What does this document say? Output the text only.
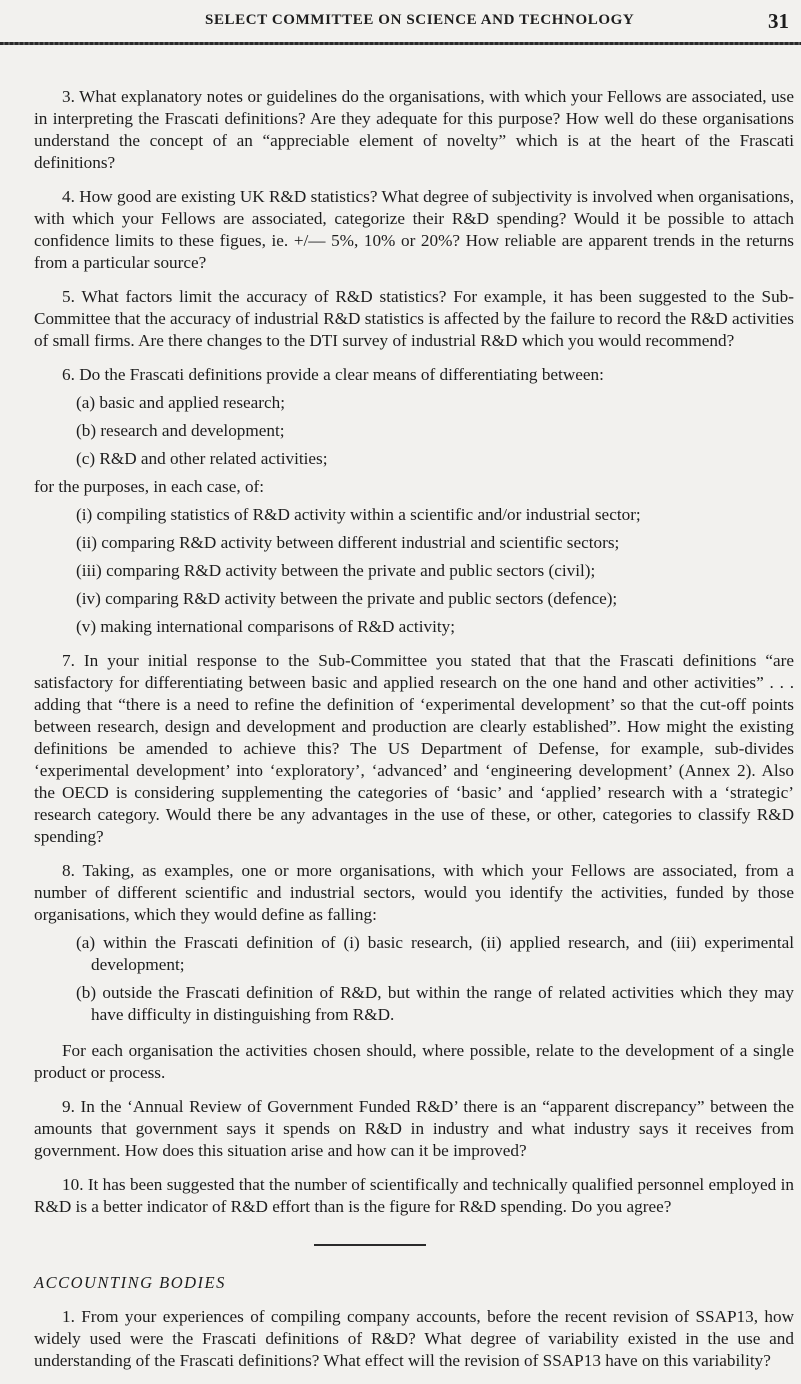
SELECT COMMITTEE ON SCIENCE AND TECHNOLOGY	31

3. What explanatory notes or guidelines do the organisations, with which your Fellows are associated, use in interpreting the Frascati definitions? Are they adequate for this purpose? How well do these organisations understand the concept of an “appreciable element of novelty” which is at the heart of the Frascati definitions?

4. How good are existing UK R&D statistics? What degree of subjectivity is involved when organisations, with which your Fellows are associated, categorize their R&D spending? Would it be possible to attach confidence limits to these figues, ie. +/— 5%, 10% or 20%? How reliable are apparent trends in the returns from a particular source?

5. What factors limit the accuracy of R&D statistics? For example, it has been suggested to the Sub-Committee that the accuracy of industrial R&D statistics is affected by the failure to record the R&D activities of small firms. Are there changes to the DTI survey of industrial R&D which you would recommend?

6. Do the Frascati definitions provide a clear means of differentiating between:

(a) basic and applied research;

(b) research and development;

(c) R&D and other related activities;

for the purposes, in each case, of:

(i) compiling statistics of R&D activity within a scientific and/or industrial sector;

(ii) comparing R&D activity between different industrial and scientific sectors;

(iii) comparing R&D activity between the private and public sectors (civil);

(iv) comparing R&D activity between the private and public sectors (defence);

(v) making international comparisons of R&D activity;

7. In your initial response to the Sub-Committee you stated that that the Frascati definitions “are satisfactory for differentiating between basic and applied research on the one hand and other activities” . . . adding that “there is a need to refine the definition of ‘experimental development’ so that the cut-off points between research, design and development and production are clearly established”. How might the existing definitions be amended to achieve this? The US Department of Defense, for example, sub-divides ‘experimental development’ into ‘exploratory’, ‘advanced’ and ‘engineering development’ (Annex 2). Also the OECD is considering supplementing the categories of ‘basic’ and ‘applied’ research with a ‘strategic’ research category. Would there be any advantages in the use of these, or other, categories to classify R&D spending?

8. Taking, as examples, one or more organisations, with which your Fellows are associated, from a number of different scientific and industrial sectors, would you identify the activities, funded by those organisations, which they would define as falling:

(a) within the Frascati definition of (i) basic research, (ii) applied research, and (iii) experimental development;

(b) outside the Frascati definition of R&D, but within the range of related activities which they may have difficulty in distinguishing from R&D.

For each organisation the activities chosen should, where possible, relate to the development of a single product or process.

9. In the ‘Annual Review of Government Funded R&D’ there is an “apparent discrepancy” between the amounts that government says it spends on R&D in industry and what industry says it receives from government. How does this situation arise and how can it be improved?

10. It has been suggested that the number of scientifically and technically qualified personnel employed in R&D is a better indicator of R&D effort than is the figure for R&D spending. Do you agree?

ACCOUNTING BODIES

1. From your experiences of compiling company accounts, before the recent revision of SSAP13, how widely used were the Frascati definitions of R&D? What degree of variability existed in the use and understanding of the Frascati definitions? What effect will the revision of SSAP13 have on this variability?
